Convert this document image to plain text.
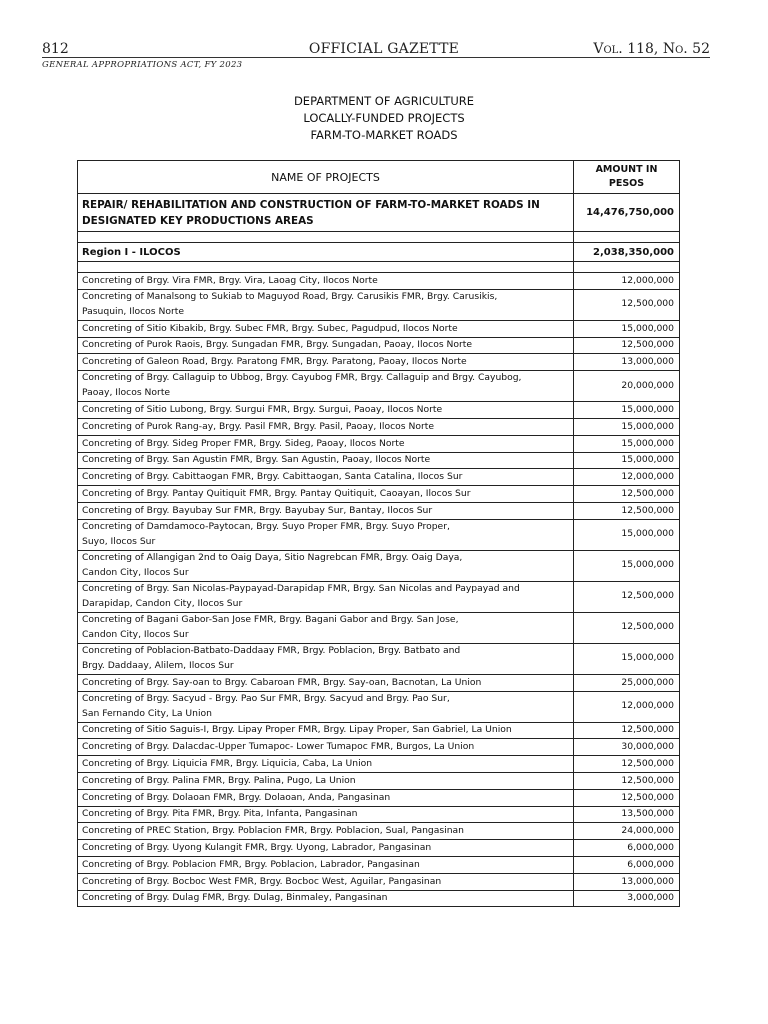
812	OFFICIAL GAZETTE	Vol. 118, No. 52
GENERAL APPROPRIATIONS ACT, FY 2023
DEPARTMENT OF AGRICULTURE
LOCALLY-FUNDED PROJECTS
FARM-TO-MARKET ROADS
NAME OF PROJECTS	AMOUNT IN
PESOS
REPAIR/ REHABILITATION AND CONSTRUCTION OF FARM-TO-MARKET ROADS IN
DESIGNATED KEY PRODUCTIONS AREAS	14,476,750,000

Region I - ILOCOS	2,038,350,000

Concreting of Brgy. Vira FMR, Brgy. Vira, Laoag City, Ilocos Norte	12,000,000
Concreting of Manalsong to Sukiab to Maguyod Road, Brgy. Carusikis FMR, Brgy. Carusikis,
Pasuquin, Ilocos Norte	12,500,000
Concreting of Sitio Kibakib, Brgy. Subec FMR, Brgy. Subec, Pagudpud, Ilocos Norte	15,000,000
Concreting of Purok Raois, Brgy. Sungadan FMR, Brgy. Sungadan, Paoay, Ilocos Norte	12,500,000
Concreting of Galeon Road, Brgy. Paratong FMR, Brgy. Paratong, Paoay, Ilocos Norte	13,000,000
Concreting of Brgy. Callaguip to Ubbog, Brgy. Cayubog FMR, Brgy. Callaguip and Brgy. Cayubog,
Paoay, Ilocos Norte	20,000,000
Concreting of Sitio Lubong, Brgy. Surgui FMR, Brgy. Surgui, Paoay, Ilocos Norte	15,000,000
Concreting of Purok Rang-ay, Brgy. Pasil FMR, Brgy. Pasil, Paoay, Ilocos Norte	15,000,000
Concreting of Brgy. Sideg Proper FMR, Brgy. Sideg, Paoay, Ilocos Norte	15,000,000
Concreting of Brgy. San Agustin FMR, Brgy. San Agustin, Paoay, Ilocos Norte	15,000,000
Concreting of Brgy. Cabittaogan FMR, Brgy. Cabittaogan, Santa Catalina, Ilocos Sur	12,000,000
Concreting of Brgy. Pantay Quitiquit FMR, Brgy. Pantay Quitiquit, Caoayan, Ilocos Sur	12,500,000
Concreting of Brgy. Bayubay Sur FMR, Brgy. Bayubay Sur, Bantay, Ilocos Sur	12,500,000
Concreting of Damdamoco-Paytocan, Brgy. Suyo Proper FMR, Brgy. Suyo Proper,
Suyo, Ilocos Sur	15,000,000
Concreting of Allangigan 2nd to Oaig Daya, Sitio Nagrebcan FMR, Brgy. Oaig Daya,
Candon City, Ilocos Sur	15,000,000
Concreting of Brgy. San Nicolas-Paypayad-Darapidap FMR, Brgy. San Nicolas and Paypayad and
Darapidap, Candon City, Ilocos Sur	12,500,000
Concreting of Bagani Gabor-San Jose FMR, Brgy. Bagani Gabor and Brgy. San Jose,
Candon City, Ilocos Sur	12,500,000
Concreting of Poblacion-Batbato-Daddaay FMR, Brgy. Poblacion, Brgy. Batbato and
Brgy. Daddaay, Alilem, Ilocos Sur	15,000,000
Concreting of Brgy. Say-oan to Brgy. Cabaroan FMR, Brgy. Say-oan, Bacnotan, La Union	25,000,000
Concreting of Brgy. Sacyud - Brgy. Pao Sur FMR, Brgy. Sacyud and Brgy. Pao Sur,
San Fernando City, La Union	12,000,000
Concreting of Sitio Saguis-I, Brgy. Lipay Proper FMR, Brgy. Lipay Proper, San Gabriel, La Union	12,500,000
Concreting of Brgy. Dalacdac-Upper Tumapoc- Lower Tumapoc FMR, Burgos, La Union	30,000,000
Concreting of Brgy. Liquicia FMR, Brgy. Liquicia, Caba, La Union	12,500,000
Concreting of Brgy. Palina FMR, Brgy. Palina, Pugo, La Union	12,500,000
Concreting of Brgy. Dolaoan FMR, Brgy. Dolaoan, Anda, Pangasinan	12,500,000
Concreting of Brgy. Pita FMR, Brgy. Pita, Infanta, Pangasinan	13,500,000
Concreting of PREC Station, Brgy. Poblacion FMR, Brgy. Poblacion, Sual, Pangasinan	24,000,000
Concreting of Brgy. Uyong Kulangit FMR, Brgy. Uyong, Labrador, Pangasinan	6,000,000
Concreting of Brgy. Poblacion FMR, Brgy. Poblacion, Labrador, Pangasinan	6,000,000
Concreting of Brgy. Bocboc West FMR, Brgy. Bocboc West, Aguilar, Pangasinan	13,000,000
Concreting of Brgy. Dulag FMR, Brgy. Dulag, Binmaley, Pangasinan	3,000,000
